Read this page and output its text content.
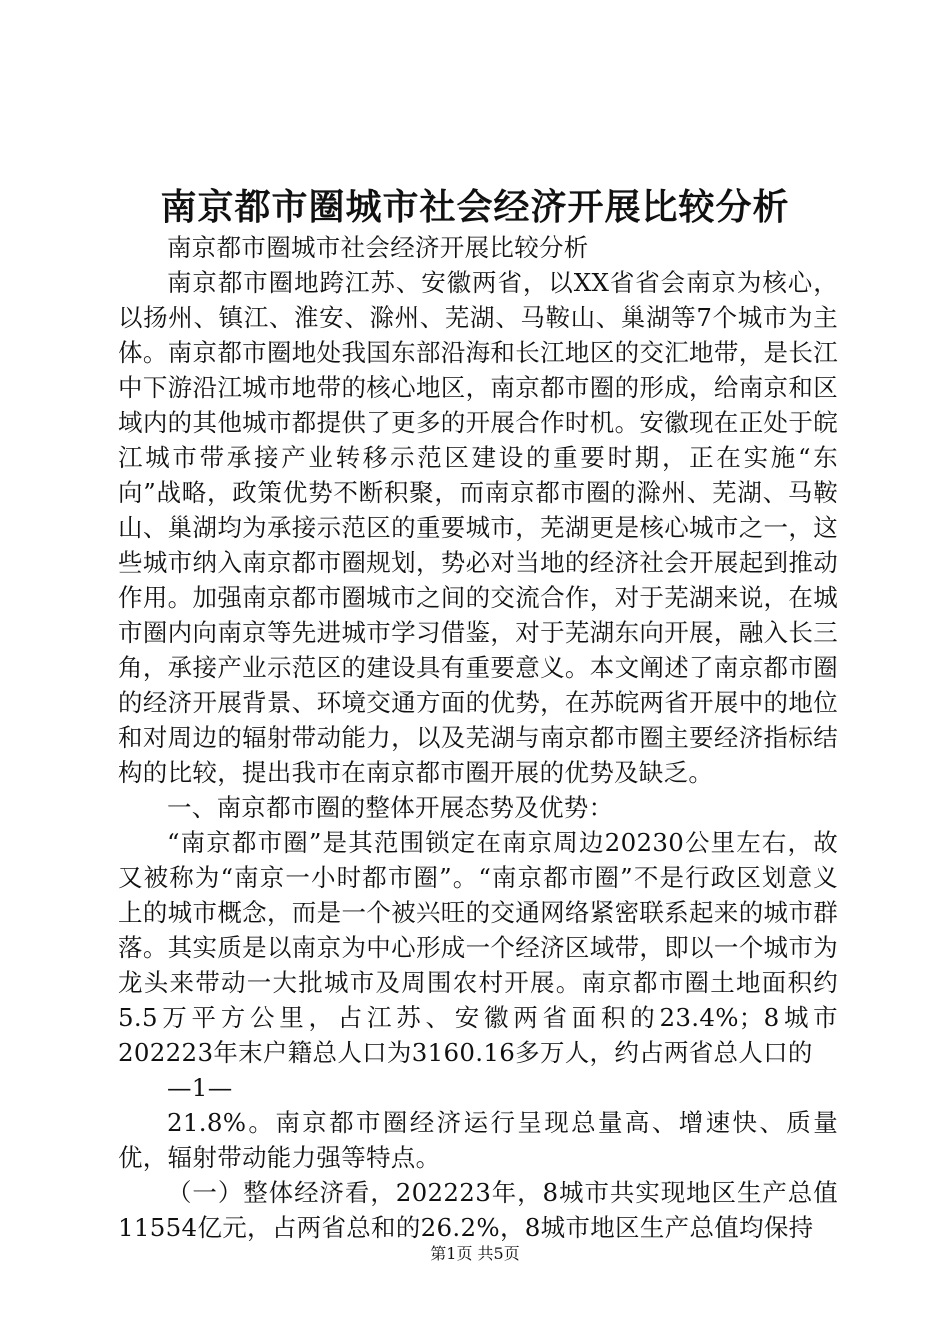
南京都市圈城市社会经济开展比较分析

南京都市圈城市社会经济开展比较分析

南京都市圈地跨江苏、安徽两省，以XX省省会南京为核心，以扬州、镇江、淮安、滁州、芜湖、马鞍山、巢湖等7个城市为主体。南京都市圈地处我国东部沿海和长江地区的交汇地带，是长江中下游沿江城市地带的核心地区，南京都市圈的形成，给南京和区域内的其他城市都提供了更多的开展合作时机。安徽现在正处于皖江城市带承接产业转移示范区建设的重要时期，正在实施“东向”战略，政策优势不断积聚，而南京都市圈的滁州、芜湖、马鞍山、巢湖均为承接示范区的重要城市，芜湖更是核心城市之一，这些城市纳入南京都市圈规划，势必对当地的经济社会开展起到推动作用。加强南京都市圈城市之间的交流合作，对于芜湖来说，在城市圈内向南京等先进城市学习借鉴，对于芜湖东向开展，融入长三角，承接产业示范区的建设具有重要意义。本文阐述了南京都市圈的经济开展背景、环境交通方面的优势，在苏皖两省开展中的地位和对周边的辐射带动能力，以及芜湖与南京都市圈主要经济指标结构的比较，提出我市在南京都市圈开展的优势及缺乏。

一、南京都市圈的整体开展态势及优势：

“南京都市圈”是其范围锁定在南京周边20230公里左右，故又被称为“南京一小时都市圈”。“南京都市圈”不是行政区划意义上的城市概念，而是一个被兴旺的交通网络紧密联系起来的城市群落。其实质是以南京为中心形成一个经济区域带，即以一个城市为龙头来带动一大批城市及周围农村开展。南京都市圈土地面积约5.5万平方公里，占江苏、安徽两省面积的23.4%；8城市202223年末户籍总人口为3160.16多万人，约占两省总人口的

—1—

21.8%。南京都市圈经济运行呈现总量高、增速快、质量优，辐射带动能力强等特点。

（一）整体经济看，202223年，8城市共实现地区生产总值11554亿元，占两省总和的26.2%，8城市地区生产总值均保持

第1页 共5页
